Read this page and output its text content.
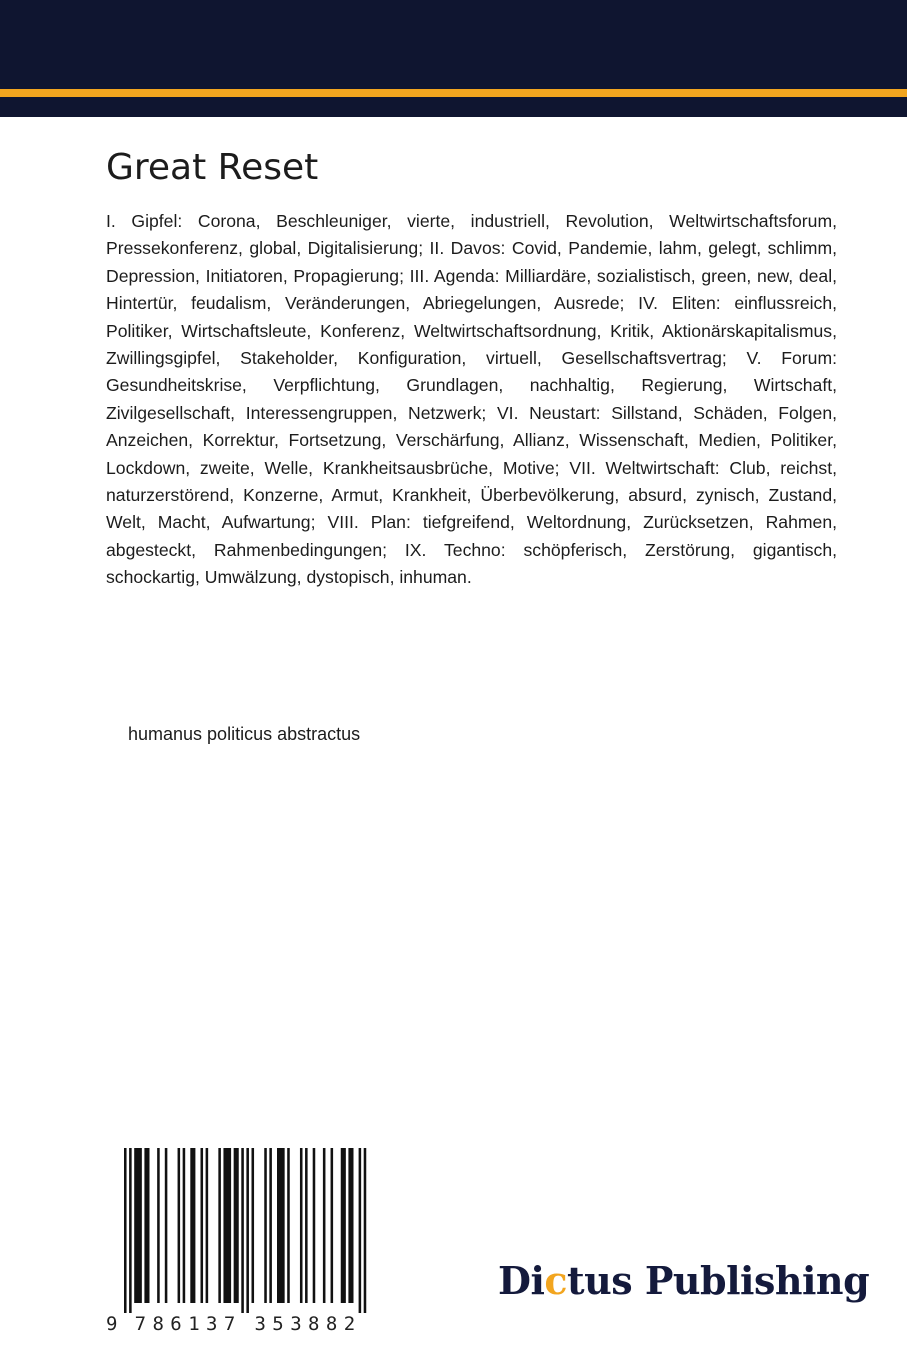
Great Reset

I. Gipfel: Corona, Beschleuniger, vierte, industriell, Revolution, Weltwirtschaftsforum, Pressekonferenz, global, Digitalisierung; II. Davos: Covid, Pandemie, lahm, gelegt, schlimm, Depression, Initiatoren, Propagierung; III. Agenda: Milliardäre, sozialistisch, green, new, deal, Hintertür, feudalism, Veränderungen, Abriegelungen, Ausrede; IV. Eliten: einflussreich, Politiker, Wirtschaftsleute, Konferenz, Weltwirtschaftsordnung, Kritik, Aktionärskapitalismus, Zwillingsgipfel, Stakeholder, Konfiguration, virtuell, Gesellschaftsvertrag; V. Forum: Gesundheitskrise, Verpflichtung, Grundlagen, nachhaltig, Regierung, Wirtschaft, Zivilgesellschaft, Interessengruppen, Netzwerk; VI. Neustart: Sillstand, Schäden, Folgen, Anzeichen, Korrektur, Fortsetzung, Verschärfung, Allianz, Wissenschaft, Medien, Politiker, Lockdown, zweite, Welle, Krankheitsausbrüche, Motive; VII. Weltwirtschaft: Club, reichst, naturzerstörend, Konzerne, Armut, Krankheit, Überbevölkerung, absurd, zynisch, Zustand, Welt, Macht, Aufwartung; VIII. Plan: tiefgreifend, Weltordnung, Zurücksetzen, Rahmen, abgesteckt, Rahmenbedingungen; IX. Techno: schöpferisch, Zerstörung, gigantisch, schockartig, Umwälzung, dystopisch, inhuman.

humanus politicus abstractus

9 7 8 6 1 3 7 3 5 3 8 8 2

Dictus Publishing
